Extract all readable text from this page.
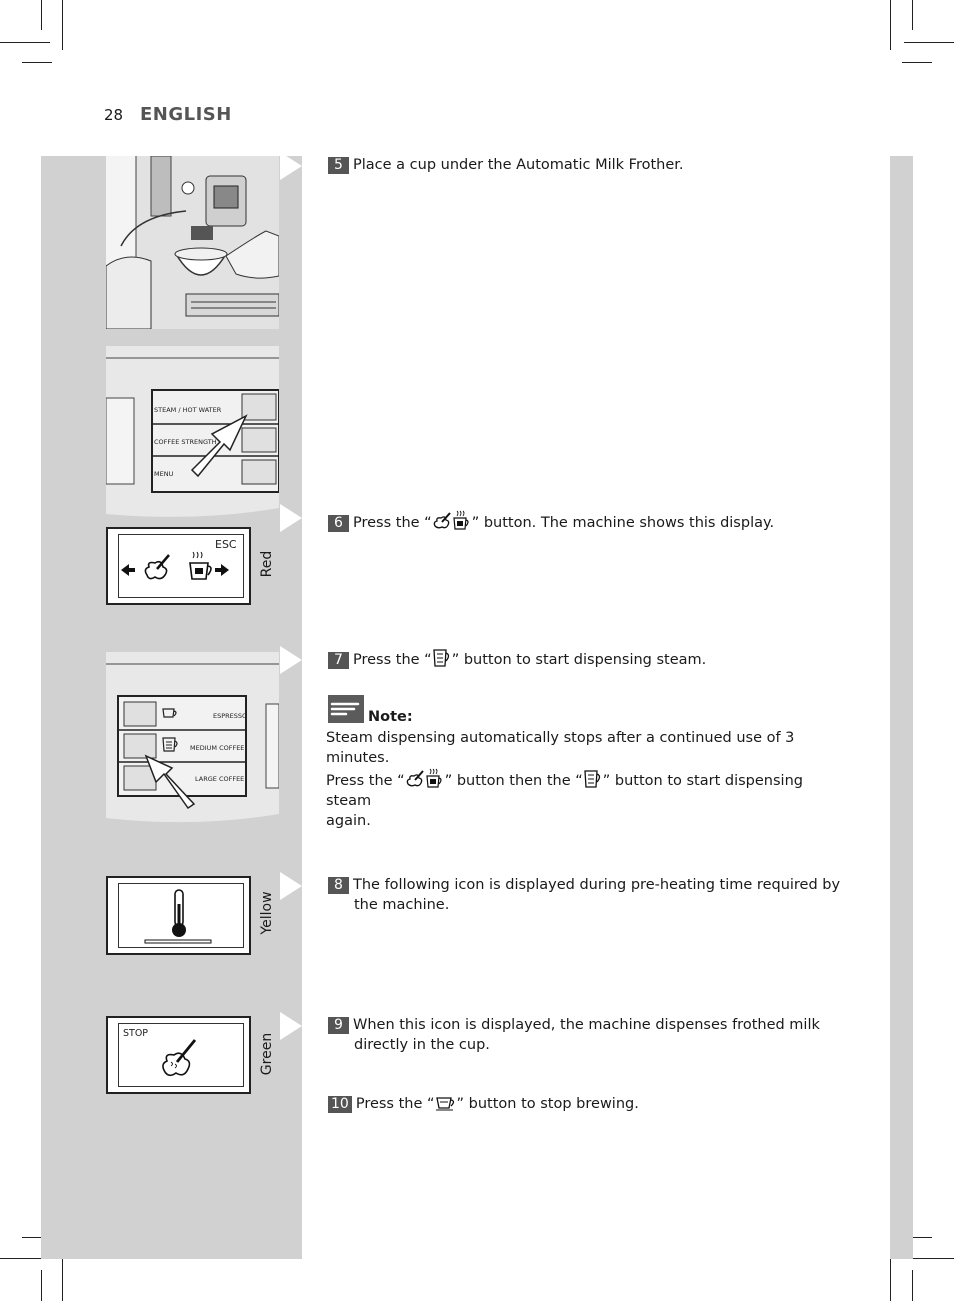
28 ENGLISH
STEAM / HOT WATER
COFFEE STRENGTH
MENU
ESC
Red
ESPRESSO
MEDIUM COFFEE
LARGE COFFEE
Yellow
STOP	Green
5 Place a cup under the Automatic Milk Frother.
6 Press the “	” button. The machine shows this display.
7 Press the “ ” button to start dispensing steam.
Note:
Steam dispensing automatically stops after a continued use of 3 minutes.
Press the “	” button then the “ ” button to start dispensing steam
again.
8 The following icon is displayed during pre-heating time required by
the machine.
9 When this icon is displayed, the machine dispenses frothed milk
directly in the cup.
10 Press the “ ” button to stop brewing.
